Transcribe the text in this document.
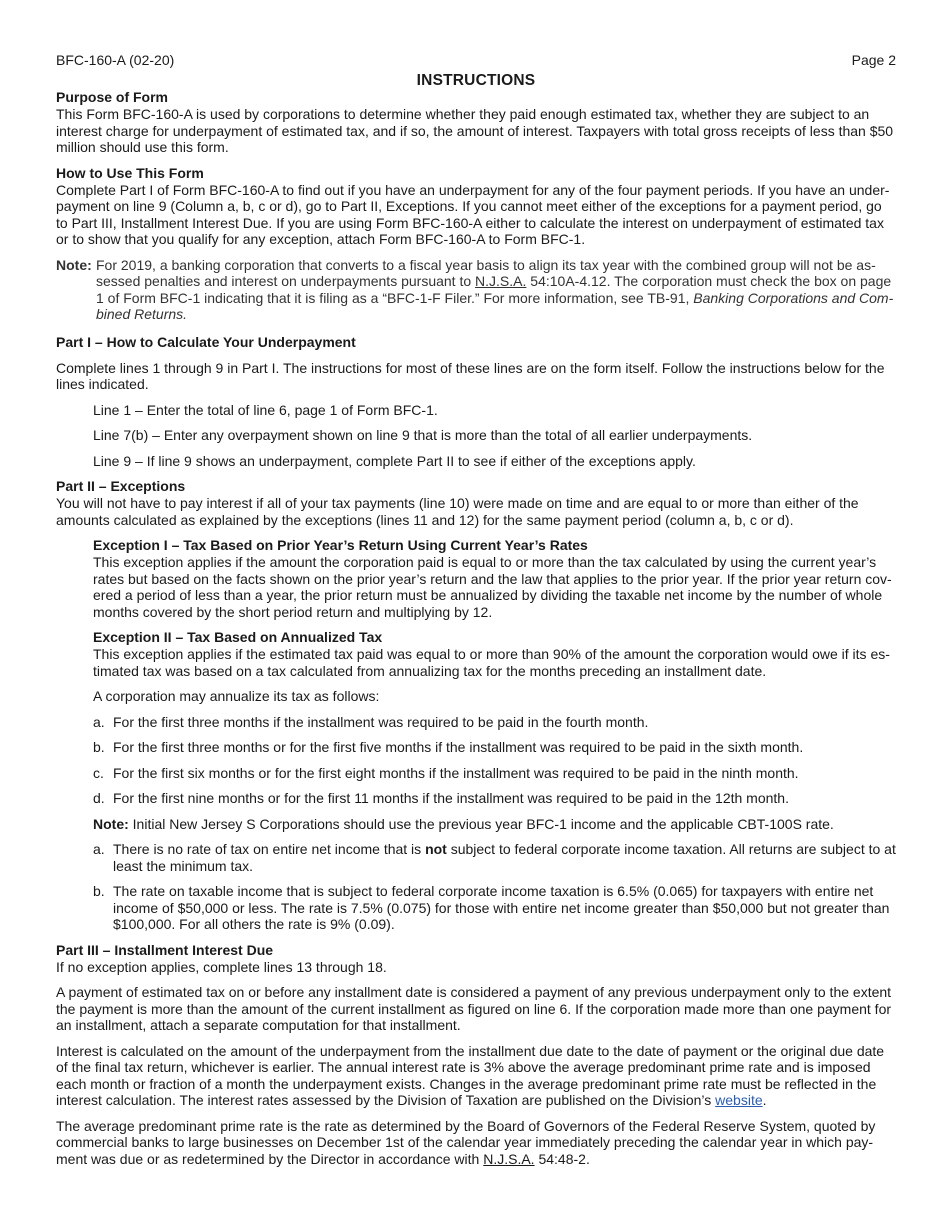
BFC-160-A (02-20)	Page 2
INSTRUCTIONS
Purpose of Form

This Form BFC-160-A is used by corporations to determine whether they paid enough estimated tax, whether they are subject to an interest charge for underpayment of estimated tax, and if so, the amount of interest. Taxpayers with total gross receipts of less than $50 million should use this form.

How to Use This Form

Complete Part I of Form BFC-160-A to find out if you have an underpayment for any of the four payment periods. If you have an under-payment on line 9 (Column a, b, c or d), go to Part II, Exceptions. If you cannot meet either of the exceptions for a payment period, go to Part III, Installment Interest Due. If you are using Form BFC-160-A either to calculate the interest on underpayment of estimated tax or to show that you qualify for any exception, attach Form BFC-160-A to Form BFC-1.

Note: For 2019, a banking corporation that converts to a fiscal year basis to align its tax year with the combined group will not be as-sessed penalties and interest on underpayments pursuant to N.J.S.A. 54:10A-4.12. The corporation must check the box on page 1 of Form BFC-1 indicating that it is filing as a “BFC-1-F Filer.” For more information, see TB-91, Banking Corporations and Com-bined Returns.
Part I – How to Calculate Your Underpayment

Complete lines 1 through 9 in Part I. The instructions for most of these lines are on the form itself. Follow the instructions below for the lines indicated.

Line 1 – Enter the total of line 6, page 1 of Form BFC-1.

Line 7(b) – Enter any overpayment shown on line 9 that is more than the total of all earlier underpayments.

Line 9 – If line 9 shows an underpayment, complete Part II to see if either of the exceptions apply.

Part II – Exceptions

You will not have to pay interest if all of your tax payments (line 10) were made on time and are equal to or more than either of the amounts calculated as explained by the exceptions (lines 11 and 12) for the same payment period (column a, b, c or d).

Exception I – Tax Based on Prior Year’s Return Using Current Year’s Rates

This exception applies if the amount the corporation paid is equal to or more than the tax calculated by using the current year’s rates but based on the facts shown on the prior year’s return and the law that applies to the prior year. If the prior year return cov-ered a period of less than a year, the prior return must be annualized by dividing the taxable net income by the number of whole months covered by the short period return and multiplying by 12.

Exception II – Tax Based on Annualized Tax

This exception applies if the estimated tax paid was equal to or more than 90% of the amount the corporation would owe if its es-timated tax was based on a tax calculated from annualizing tax for the months preceding an installment date.

A corporation may annualize its tax as follows:

a. For the first three months if the installment was required to be paid in the fourth month.
b. For the first three months or for the first five months if the installment was required to be paid in the sixth month.
c. For the first six months or for the first eight months if the installment was required to be paid in the ninth month.
d. For the first nine months or for the first 11 months if the installment was required to be paid in the 12th month.

Note: Initial New Jersey S Corporations should use the previous year BFC-1 income and the applicable CBT-100S rate.

a. There is no rate of tax on entire net income that is not subject to federal corporate income taxation. All returns are subject to at least the minimum tax.
b. The rate on taxable income that is subject to federal corporate income taxation is 6.5% (0.065) for taxpayers with entire net income of $50,000 or less. The rate is 7.5% (0.075) for those with entire net income greater than $50,000 but not greater than $100,000. For all others the rate is 9% (0.09).
Part III – Installment Interest Due

If no exception applies, complete lines 13 through 18.

A payment of estimated tax on or before any installment date is considered a payment of any previous underpayment only to the extent the payment is more than the amount of the current installment as figured on line 6. If the corporation made more than one payment for an installment, attach a separate computation for that installment.

Interest is calculated on the amount of the underpayment from the installment due date to the date of payment or the original due date of the final tax return, whichever is earlier. The annual interest rate is 3% above the average predominant prime rate and is imposed each month or fraction of a month the underpayment exists. Changes in the average predominant prime rate must be reflected in the interest calculation. The interest rates assessed by the Division of Taxation are published on the Division’s website.

The average predominant prime rate is the rate as determined by the Board of Governors of the Federal Reserve System, quoted by commercial banks to large businesses on December 1st of the calendar year immediately preceding the calendar year in which pay-ment was due or as redetermined by the Director in accordance with N.J.S.A. 54:48-2.
